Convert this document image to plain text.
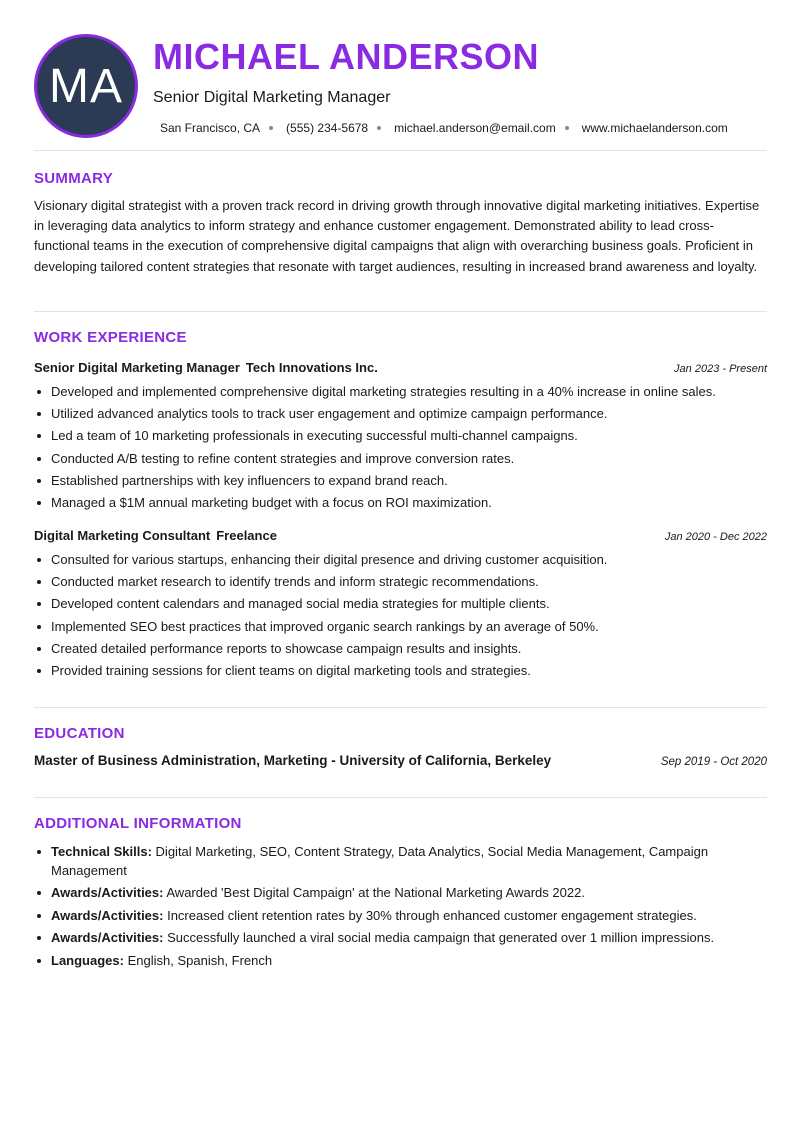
MA
MICHAEL ANDERSON
Senior Digital Marketing Manager
San Francisco, CA (555) 234-5678 michael.anderson@email.com www.michaelanderson.com
SUMMARY
Visionary digital strategist with a proven track record in driving growth through innovative digital marketing initiatives. Expertise in leveraging data analytics to inform strategy and enhance customer engagement. Demonstrated ability to lead cross-functional teams in the execution of comprehensive digital campaigns that align with overarching business goals. Proficient in developing tailored content strategies that resonate with target audiences, resulting in increased brand awareness and loyalty.
WORK EXPERIENCE
Senior Digital Marketing Manager Tech Innovations Inc.	Jan 2023 - Present
Developed and implemented comprehensive digital marketing strategies resulting in a 40% increase in online sales.
Utilized advanced analytics tools to track user engagement and optimize campaign performance.
Led a team of 10 marketing professionals in executing successful multi-channel campaigns.
Conducted A/B testing to refine content strategies and improve conversion rates.
Established partnerships with key influencers to expand brand reach.
Managed a $1M annual marketing budget with a focus on ROI maximization.
Digital Marketing Consultant Freelance	Jan 2020 - Dec 2022
Consulted for various startups, enhancing their digital presence and driving customer acquisition.
Conducted market research to identify trends and inform strategic recommendations.
Developed content calendars and managed social media strategies for multiple clients.
Implemented SEO best practices that improved organic search rankings by an average of 50%.
Created detailed performance reports to showcase campaign results and insights.
Provided training sessions for client teams on digital marketing tools and strategies.
EDUCATION
Master of Business Administration, Marketing - University of California, Berkeley	Sep 2019 - Oct 2020
ADDITIONAL INFORMATION
Technical Skills: Digital Marketing, SEO, Content Strategy, Data Analytics, Social Media Management, Campaign Management
Awards/Activities: Awarded 'Best Digital Campaign' at the National Marketing Awards 2022.
Awards/Activities: Increased client retention rates by 30% through enhanced customer engagement strategies.
Awards/Activities: Successfully launched a viral social media campaign that generated over 1 million impressions.
Languages: English, Spanish, French
